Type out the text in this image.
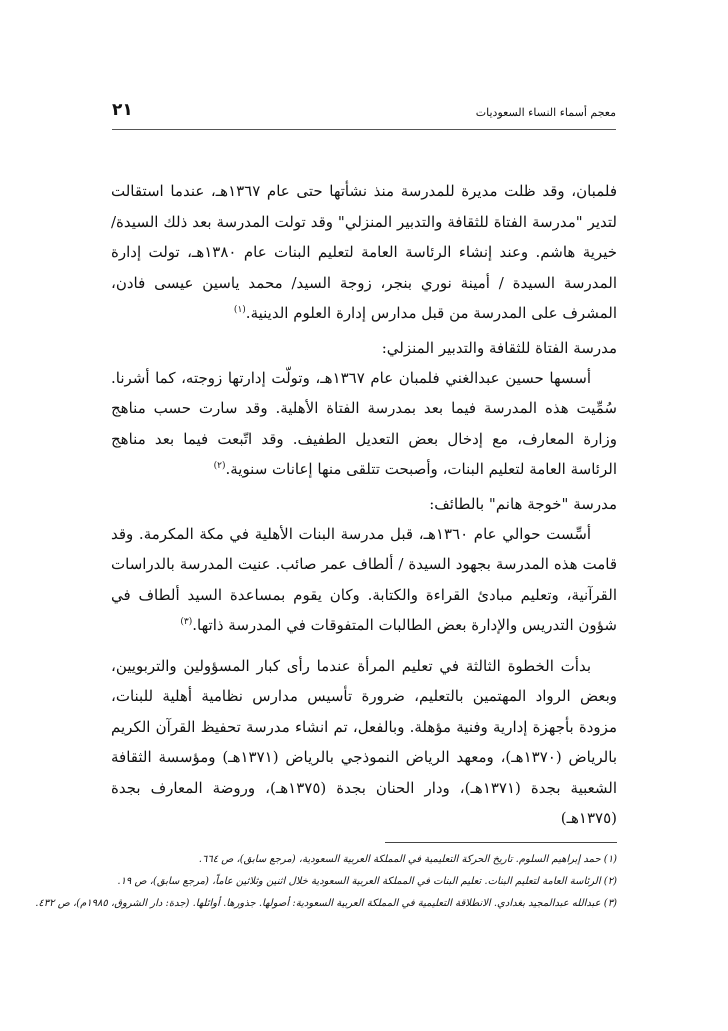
٢١	معجم أسماء النساء السعوديات

فلمبان، وقد ظلت مديرة للمدرسة منذ نشأتها حتى عام ١٣٦٧هـ، عندما استقالت لتدير "مدرسة الفتاة للثقافة والتدبير المنزلي" وقد تولت المدرسة بعد ذلك السيدة/ خيرية هاشم. وعند إنشاء الرئاسة العامة لتعليم البنات عام ١٣٨٠هـ، تولت إدارة المدرسة السيدة / أمينة نوري بنجر، زوجة السيد/ محمد ياسين عيسى فادن، المشرف على المدرسة من قبل مدارس إدارة العلوم الدينية.$^{(١)}$

مدرسة الفتاة للثقافة والتدبير المنزلي:

أسسها حسين عبدالغني فلمبان عام ١٣٦٧هـ، وتولّت إدارتها زوجته، كما أشرنا. سُمِّيت هذه المدرسة فيما بعد بمدرسة الفتاة الأهلية. وقد سارت حسب مناهج وزارة المعارف، مع إدخال بعض التعديل الطفيف. وقد اتّبعت فيما بعد مناهج الرئاسة العامة لتعليم البنات، وأصبحت تتلقى منها إعانات سنوية.$^{(٢)}$

مدرسة "خوجة هانم" بالطائف:

أسِّست حوالي عام ١٣٦٠هـ، قبل مدرسة البنات الأهلية في مكة المكرمة. وقد قامت هذه المدرسة بجهود السيدة / ألطاف عمر صائب. عنيت المدرسة بالدراسات القرآنية، وتعليم مبادئ القراءة والكتابة. وكان يقوم بمساعدة السيد ألطاف في شؤون التدريس والإدارة بعض الطالبات المتفوقات في المدرسة ذاتها.$^{(٣)}$

بدأت الخطوة الثالثة في تعليم المرأة عندما رأى كبار المسؤولين والتربويين، وبعض الرواد المهتمين بالتعليم، ضرورة تأسيس مدارس نظامية أهلية للبنات، مزودة بأجهزة إدارية وفنية مؤهلة. وبالفعل، تم انشاء مدرسة تحفيظ القرآن الكريم بالرياض (١٣٧٠هـ)، ومعهد الرياض النموذجي بالرياض (١٣٧١هـ) ومؤسسة الثقافة الشعبية بجدة (١٣٧١هـ)، ودار الحنان بجدة (١٣٧٥هـ)، وروضة المعارف بجدة (١٣٧٥هـ)

(١) حمد إبراهيم السلوم. تاريخ الحركة التعليمية في المملكة العربية السعودية، (مرجع سابق)، ص ٦٦٤.

(٢) الرئاسة العامة لتعليم البنات. تعليم البنات في المملكة العربية السعودية خلال اثنين وثلاثين عاماً، (مرجع سابق)، ص ١٩.

(٣) عبدالله عبدالمجيد بغدادي. الانطلاقة التعليمية في المملكة العربية السعودية: أصولها. جذورها. أوائلها. (جدة: دار الشروق، ١٩٨٥م)، ص ٤٣٢.
